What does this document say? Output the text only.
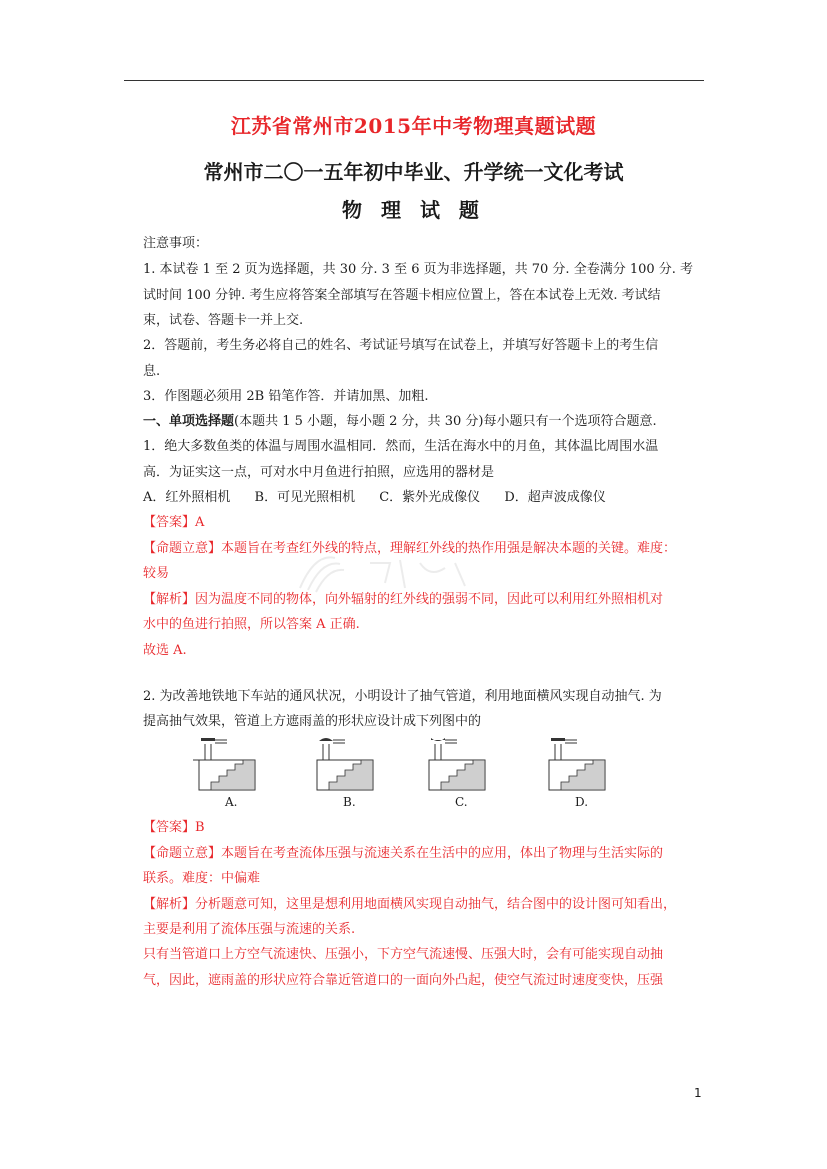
江苏省常州市2015年中考物理真题试题
常州市二〇一五年初中毕业、升学统一文化考试
物 理 试 题
注意事项：
1. 本试卷 1 至 2 页为选择题，共 30 分. 3 至 6 页为非选择题，共 70 分. 全卷满分 100 分. 考
试时间 100 分钟. 考生应将答案全部填写在答题卡相应位置上，答在本试卷上无效. 考试结
束，试卷、答题卡一并上交.
2．答题前，考生务必将自己的姓名、考试证号填写在试卷上，并填写好答题卡上的考生信
息.
3．作图题必须用 2B 铅笔作答．并请加黑、加粗.
一、单项选择题(本题共 1 5 小题，每小题 2 分，共 30 分)每小题只有一个选项符合题意.
1．绝大多数鱼类的体温与周围水温相同．然而，生活在海水中的月鱼，其体温比周围水温
高．为证实这一点，可对水中月鱼进行拍照，应选用的器材是
A．红外照相机 B．可见光照相机 C．紫外光成像仪 D．超声波成像仪
【答案】A
【命题立意】本题旨在考查红外线的特点，理解红外线的热作用强是解决本题的关键。难度：
较易
【解析】因为温度不同的物体，向外辐射的红外线的强弱不同，因此可以利用红外照相机对
水中的鱼进行拍照，所以答案 A 正确.
故选 A.
2. 为改善地铁地下车站的通风状况，小明设计了抽气管道，利用地面横风实现自动抽气. 为
提高抽气效果，管道上方遮雨盖的形状应设计成下列图中的
A.	B.	C.	D.
【答案】B
【命题立意】本题旨在考查流体压强与流速关系在生活中的应用，体出了物理与生活实际的
联系。难度：中偏难
【解析】分析题意可知，这里是想利用地面横风实现自动抽气，结合图中的设计图可知看出，
主要是利用了流体压强与流速的关系.
只有当管道口上方空气流速快、压强小，下方空气流速慢、压强大时，会有可能实现自动抽
气，因此，遮雨盖的形状应符合靠近管道口的一面向外凸起，使空气流过时速度变快，压强
1
